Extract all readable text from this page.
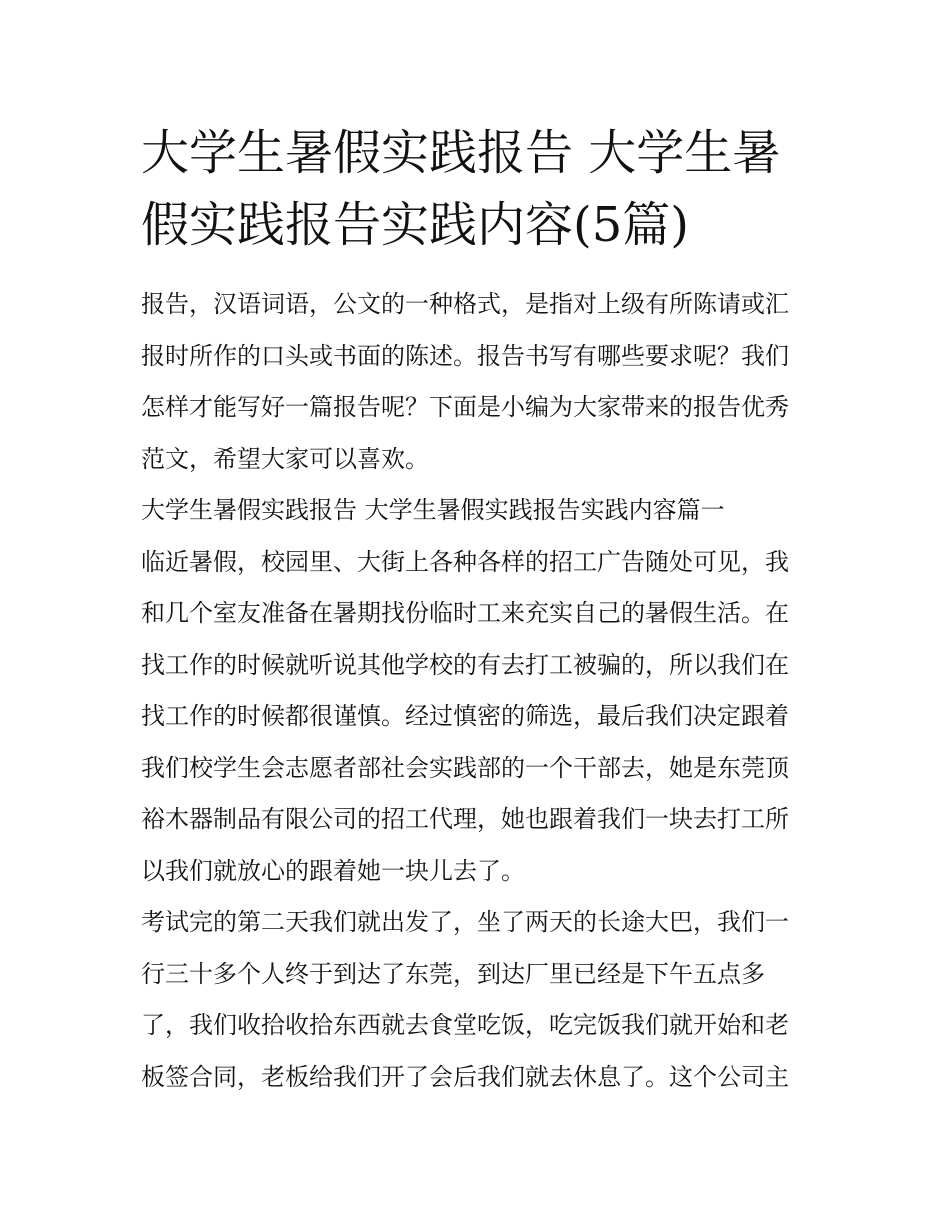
大学生暑假实践报告 大学生暑假实践报告实践内容(5篇)

报告，汉语词语，公文的一种格式，是指对上级有所陈请或汇报时所作的口头或书面的陈述。报告书写有哪些要求呢？我们怎样才能写好一篇报告呢？下面是小编为大家带来的报告优秀范文，希望大家可以喜欢。

大学生暑假实践报告 大学生暑假实践报告实践内容篇一

临近暑假，校园里、大街上各种各样的招工广告随处可见，我和几个室友准备在暑期找份临时工来充实自己的暑假生活。在找工作的时候就听说其他学校的有去打工被骗的，所以我们在找工作的时候都很谨慎。经过慎密的筛选，最后我们决定跟着我们校学生会志愿者部社会实践部的一个干部去，她是东莞顶裕木器制品有限公司的招工代理，她也跟着我们一块去打工所以我们就放心的跟着她一块儿去了。

考试完的第二天我们就出发了，坐了两天的长途大巴，我们一行三十多个人终于到达了东莞，到达厂里已经是下午五点多了，我们收拾收拾东西就去食堂吃饭，吃完饭我们就开始和老板签合同，老板给我们开了会后我们就去休息了。这个公司主
